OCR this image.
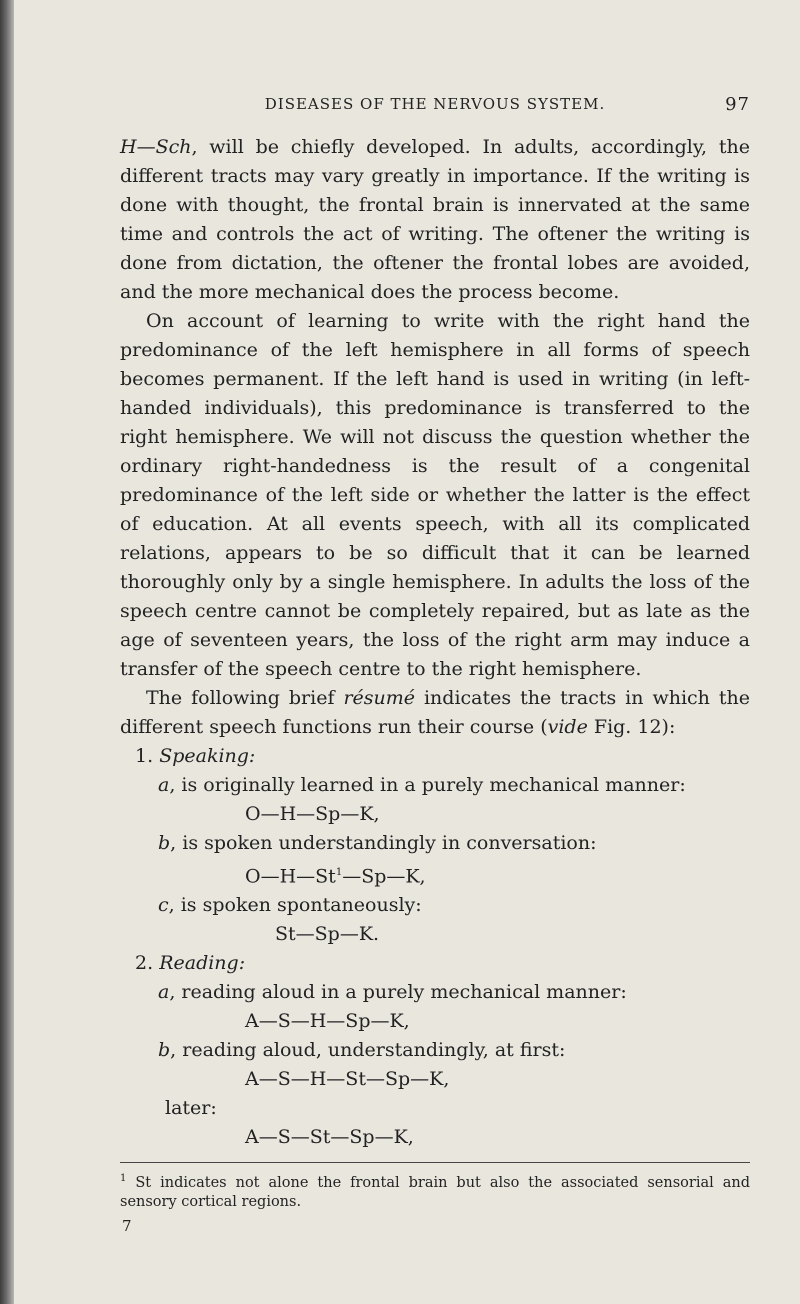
DISEASES OF THE NERVOUS SYSTEM.	97

H—Sch, will be chiefly developed. In adults, accordingly, the different tracts may vary greatly in importance. If the writing is done with thought, the frontal brain is innervated at the same time and controls the act of writing. The oftener the writing is done from dictation, the oftener the frontal lobes are avoided, and the more mechanical does the process become.

On account of learning to write with the right hand the predominance of the left hemisphere in all forms of speech becomes permanent. If the left hand is used in writing (in left-handed individuals), this predominance is transferred to the right hemisphere. We will not discuss the question whether the ordinary right-handedness is the result of a congenital predominance of the left side or whether the latter is the effect of education. At all events speech, with all its complicated relations, appears to be so difficult that it can be learned thoroughly only by a single hemisphere. In adults the loss of the speech centre cannot be completely repaired, but as late as the age of seventeen years, the loss of the right arm may induce a transfer of the speech centre to the right hemisphere.

The following brief résumé indicates the tracts in which the different speech functions run their course (vide Fig. 12):

1. Speaking:

a, is originally learned in a purely mechanical manner:

O—H—Sp—K,

b, is spoken understandingly in conversation:

O—H—St$^1$—Sp—K,

c, is spoken spontaneously:

St—Sp—K.

2. Reading:

a, reading aloud in a purely mechanical manner:

A—S—H—Sp—K,

b, reading aloud, understandingly, at first:

A—S—H—St—Sp—K,

later:

A—S—St—Sp—K,

$^1$ St indicates not alone the frontal brain but also the associated sensorial and sensory cortical regions.

7
